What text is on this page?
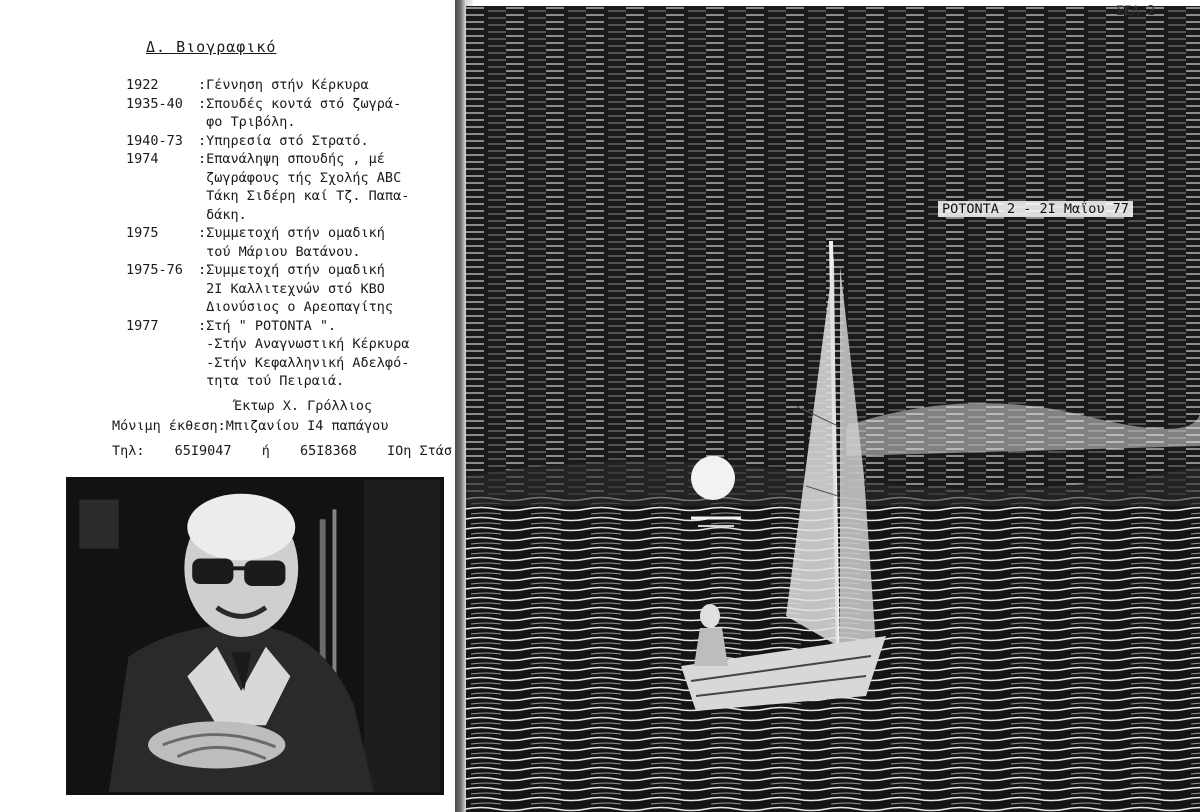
Δ. Βιογραφικό
1922	:Γέννηση στήν Κέρκυρα
1935-40	:Σπουδές κοντά στό ζωγρά-
φο Τριβόλη.
1940-73	:Υπηρεσία στό Στρατό.
1974	:Επανάληψη σπουδής , μέ
ζωγράφους τής Σχολής ABC
Τάκη Σιδέρη καί Τζ. Παπα-
δάκη.
1975	:Συμμετοχή στήν ομαδική
τού Μάριου Βατάνου.
1975-76	:Συμμετοχή στήν ομαδική
2Ι Καλλιτεχνών στό ΚΒΟ
Διονύσιος ο Αρεοπαγίτης
1977	:Στή " ΡΟΤΟΝΤΑ ".
-Στήν Αναγνωστική Κέρκυρα
-Στήν Κεφαλληνική Αδελφό-
τητα τού Πειραιά.
Έκτωρ Χ. Γρόλλιος
Μόνιμη έκθεση:Μπιζανίου Ι4 παπάγου
Τηλ: 65Ι9047 ή 65Ι8368 ΙΟη Στάσ
ΡΟΤΟΝΤΑ 2 - 2Ι Μαΐου 77
ΣΕΛ 2
